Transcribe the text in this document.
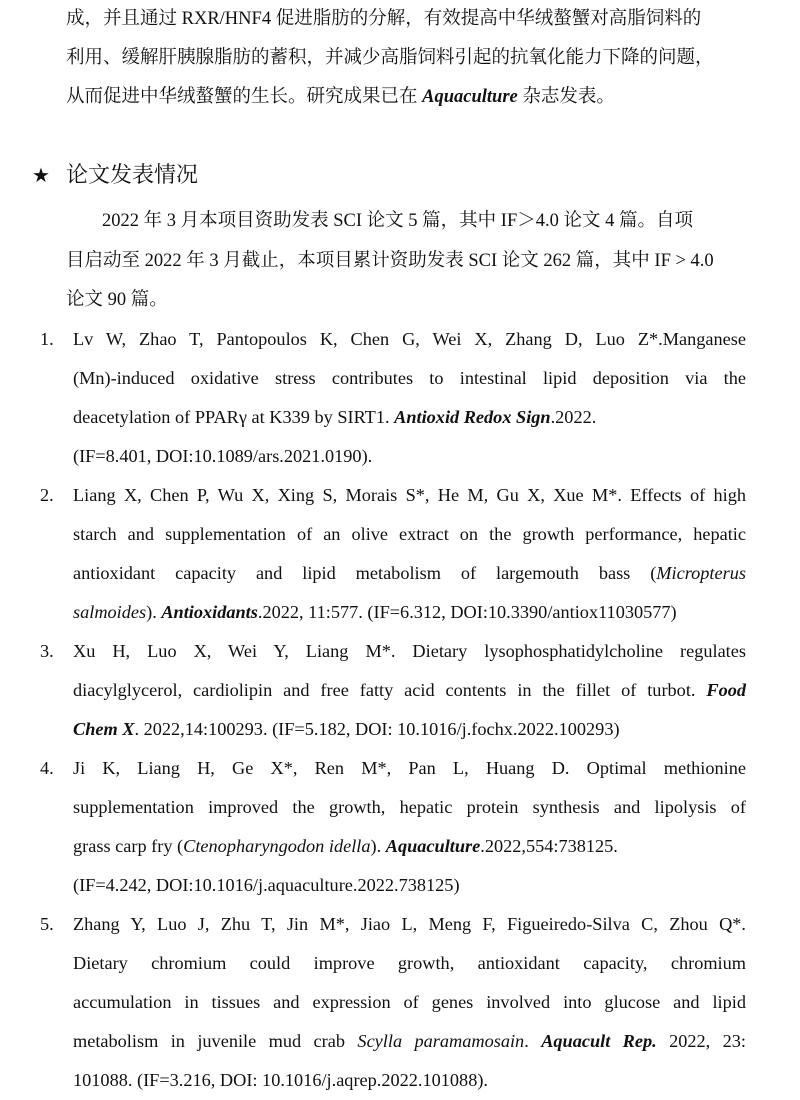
成，并且通过 RXR/HNF4 促进脂肪的分解，有效提高中华绒螯蟹对高脂饲料的
利用、缓解肝胰腺脂肪的蓄积，并减少高脂饲料引起的抗氧化能力下降的问题，
从而促进中华绒螯蟹的生长。研究成果已在 Aquaculture 杂志发表。
★ 论文发表情况
2022 年 3 月本项目资助发表 SCI 论文 5 篇，其中 IF＞4.0 论文 4 篇。自项
目启动至 2022 年 3 月截止，本项目累计资助发表 SCI 论文 262 篇，其中 IF > 4.0
论文 90 篇。
1.	Lv W, Zhao T, Pantopoulos K, Chen G, Wei X, Zhang D, Luo Z*.Manganese
(Mn)-induced oxidative stress contributes to intestinal lipid deposition via the
deacetylation of PPARγ at K339 by SIRT1. Antioxid Redox Sign.2022.
(IF=8.401, DOI:10.1089/ars.2021.0190).
2.	Liang X, Chen P, Wu X, Xing S, Morais S*, He M, Gu X, Xue M*. Effects of high
starch and supplementation of an olive extract on the growth performance, hepatic
antioxidant capacity and lipid metabolism of largemouth bass (Micropterus
salmoides). Antioxidants.2022, 11:577. (IF=6.312, DOI:10.3390/antiox11030577)
3.	Xu H, Luo X, Wei Y, Liang M*. Dietary lysophosphatidylcholine regulates
diacylglycerol, cardiolipin and free fatty acid contents in the fillet of turbot. Food
Chem X. 2022,14:100293. (IF=5.182, DOI: 10.1016/j.fochx.2022.100293)
4.	Ji K, Liang H, Ge X*, Ren M*, Pan L, Huang D. Optimal methionine
supplementation improved the growth, hepatic protein synthesis and lipolysis of
grass carp fry (Ctenopharyngodon idella). Aquaculture.2022,554:738125.
(IF=4.242, DOI:10.1016/j.aquaculture.2022.738125)
5.	Zhang Y, Luo J, Zhu T, Jin M*, Jiao L, Meng F, Figueiredo-Silva C, Zhou Q*.
Dietary chromium could improve growth, antioxidant capacity, chromium
accumulation in tissues and expression of genes involved into glucose and lipid
metabolism in juvenile mud crab Scylla paramamosain. Aquacult Rep. 2022, 23:
101088. (IF=3.216, DOI: 10.1016/j.aqrep.2022.101088).
